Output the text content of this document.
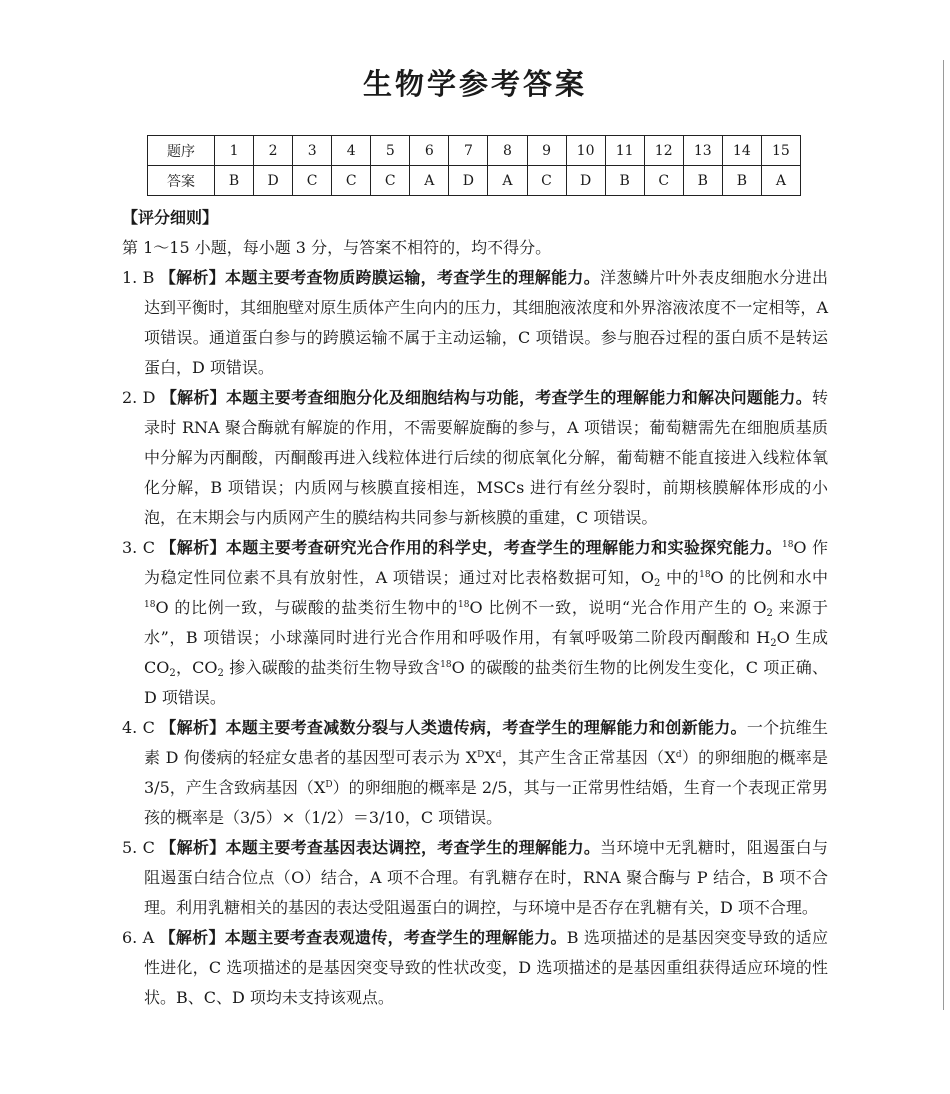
生物学参考答案
题序	1	2	3	4	5	6	7	8	9	10	11	12	13	14	15
答案	B	D	C	C	C	A	D	A	C	D	B	C	B	B	A

【评分细则】

第 1～15 小题，每小题 3 分，与答案不相符的，均不得分。

1. B 【解析】本题主要考查物质跨膜运输，考查学生的理解能力。洋葱鳞片叶外表皮细胞水分进出达到平衡时，其细胞壁对原生质体产生向内的压力，其细胞液浓度和外界溶液浓度不一定相等，A 项错误。通道蛋白参与的跨膜运输不属于主动运输，C 项错误。参与胞吞过程的蛋白质不是转运蛋白，D 项错误。

2. D 【解析】本题主要考查细胞分化及细胞结构与功能，考查学生的理解能力和解决问题能力。转录时 RNA 聚合酶就有解旋的作用，不需要解旋酶的参与，A 项错误；葡萄糖需先在细胞质基质中分解为丙酮酸，丙酮酸再进入线粒体进行后续的彻底氧化分解，葡萄糖不能直接进入线粒体氧化分解，B 项错误；内质网与核膜直接相连，MSCs 进行有丝分裂时，前期核膜解体形成的小泡，在末期会与内质网产生的膜结构共同参与新核膜的重建，C 项错误。

3. C 【解析】本题主要考查研究光合作用的科学史，考查学生的理解能力和实验探究能力。$^{18}$O 作为稳定性同位素不具有放射性，A 项错误；通过对比表格数据可知，$O_2$ 中的$^{18}$O 的比例和水中$^{18}$O 的比例一致，与碳酸的盐类衍生物中的$^{18}$O 比例不一致，说明“光合作用产生的 $O_2$ 来源于水”，B 项错误；小球藻同时进行光合作用和呼吸作用，有氧呼吸第二阶段丙酮酸和 $H_2O$ 生成 $CO_2$，$CO_2$ 掺入碳酸的盐类衍生物导致含$^{18}$O 的碳酸的盐类衍生物的比例发生变化，C 项正确、D 项错误。

4. C 【解析】本题主要考查减数分裂与人类遗传病，考查学生的理解能力和创新能力。一个抗维生素 D 佝偻病的轻症女患者的基因型可表示为 $X^DX^d$，其产生含正常基因$(X^d)$的卵细胞的概率是 3/5，产生含致病基因$(X^D)$的卵细胞的概率是 2/5，其与一正常男性结婚，生育一个表现正常男孩的概率是（3/5）×（1/2）＝3/10，C 项错误。

5. C 【解析】本题主要考查基因表达调控，考查学生的理解能力。当环境中无乳糖时，阻遏蛋白与阻遏蛋白结合位点（O）结合，A 项不合理。有乳糖存在时，RNA 聚合酶与 P 结合，B 项不合理。利用乳糖相关的基因的表达受阻遏蛋白的调控，与环境中是否存在乳糖有关，D 项不合理。

6. A 【解析】本题主要考查表观遗传，考查学生的理解能力。B 选项描述的是基因突变导致的适应性进化，C 选项描述的是基因突变导致的性状改变，D 选项描述的是基因重组获得适应环境的性状。B、C、D 项均未支持该观点。
